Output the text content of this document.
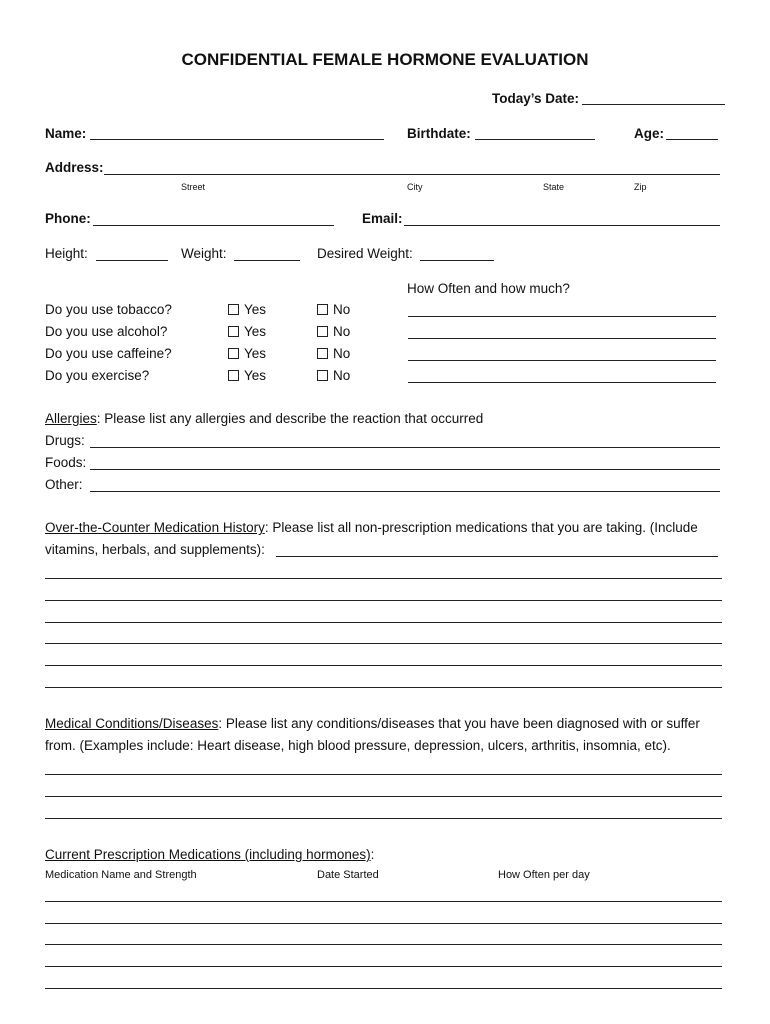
CONFIDENTIAL FEMALE HORMONE EVALUATION
Today’s Date:
Name:	Birthdate:	Age:
Address:
Street	City	State	Zip
Phone:	Email:
Height:	Weight:	Desired Weight:
How Often and how much?
Do you use tobacco?	Yes	No
Do you use alcohol?	Yes	No
Do you use caffeine?	Yes	No
Do you exercise?	Yes	No
Allergies: Please list any allergies and describe the reaction that occurred
Drugs:
Foods:
Other:
Over-the-Counter Medication History: Please list all non-prescription medications that you are taking. (Include
vitamins, herbals, and supplements):
Medical Conditions/Diseases: Please list any conditions/diseases that you have been diagnosed with or suffer
from. (Examples include: Heart disease, high blood pressure, depression, ulcers, arthritis, insomnia, etc).
Current Prescription Medications (including hormones):
Medication Name and Strength	Date Started	How Often per day
